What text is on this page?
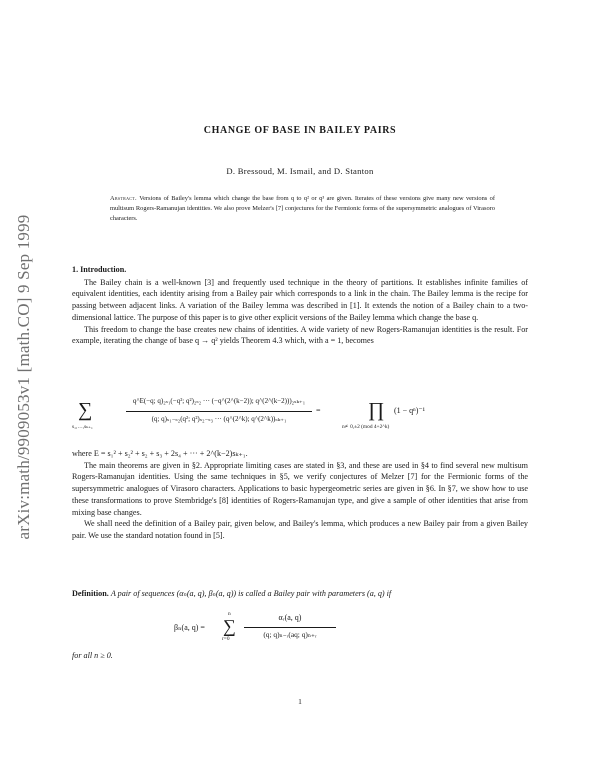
arXiv:math/9909053v1 [math.CO] 9 Sep 1999
CHANGE OF BASE IN BAILEY PAIRS
D. Bressoud, M. Ismail, and D. Stanton
Abstract. Versions of Bailey's lemma which change the base from q to q² or q³ are given. Iterates of these versions give many new versions of multisum Rogers-Ramanujan identities. We also prove Melzer's [7] conjectures for the Fermionic forms of the supersymmetric analogues of Virasoro characters.

1. Introduction.

The Bailey chain is a well-known [3] and frequently used technique in the theory of partitions. It establishes infinite families of equivalent identities, each identity arising from a Bailey pair which corresponds to a link in the chain. The Bailey lemma is the recipe for passing between adjacent links. A variation of the Bailey lemma was described in [1]. It extends the notion of a Bailey chain to a two-dimensional lattice. The purpose of this paper is to give other explicit versions of the Bailey lemma which change the base q.

This freedom to change the base creates new chains of identities. A wide variety of new Rogers-Ramanujan identities is the result. For example, iterating the change of base q → q² yields Theorem 4.3 which, with a = 1, becomes

∑
s₁,…,sₖ₊₁
q^E(−q; q)₂ₛ₁(−q²; q²)₂ₛ₂ ··· (−q^(2^(k−2)); q^(2^(k−2)))₂ₛₖ₊₁
(q; q)ₛ₁₋ₛ₂(q²; q²)ₛ₂₋ₛ₃ ··· (q^(2^k); q^(2^k))ₛₖ₊₁
= ∏
n≢0,±2 (mod 4+2^k)
(1 − qⁿ)⁻¹

where E = s₁² + s₂² + s₂ + s₃ + 2s₄ + ··· + 2^(k−2)sₖ₊₁.

The main theorems are given in §2. Appropriate limiting cases are stated in §3, and these are used in §4 to find several new multisum Rogers-Ramanujan identities. Using the same techniques in §5, we verify conjectures of Melzer [7] for the Fermionic forms of the supersymmetric analogues of Virasoro characters. Applications to basic hypergeometric series are given in §6. In §7, we show how to use these transformations to prove Stembridge's [8] identities of Rogers-Ramanujan type, and give a sample of other identities that arise from mixing base changes.

We shall need the definition of a Bailey pair, given below, and Bailey's lemma, which produces a new Bailey pair from a given Bailey pair. We use the standard notation found in [5].

Definition. A pair of sequences (αₙ(a, q), βₙ(a, q)) is called a Bailey pair with parameters (a, q) if

βₙ(a, q) =
n
∑
r=0
αᵣ(a, q)
(q; q)ₙ₋ᵣ(aq; q)ₙ₊ᵣ

for all n ≥ 0.

1
